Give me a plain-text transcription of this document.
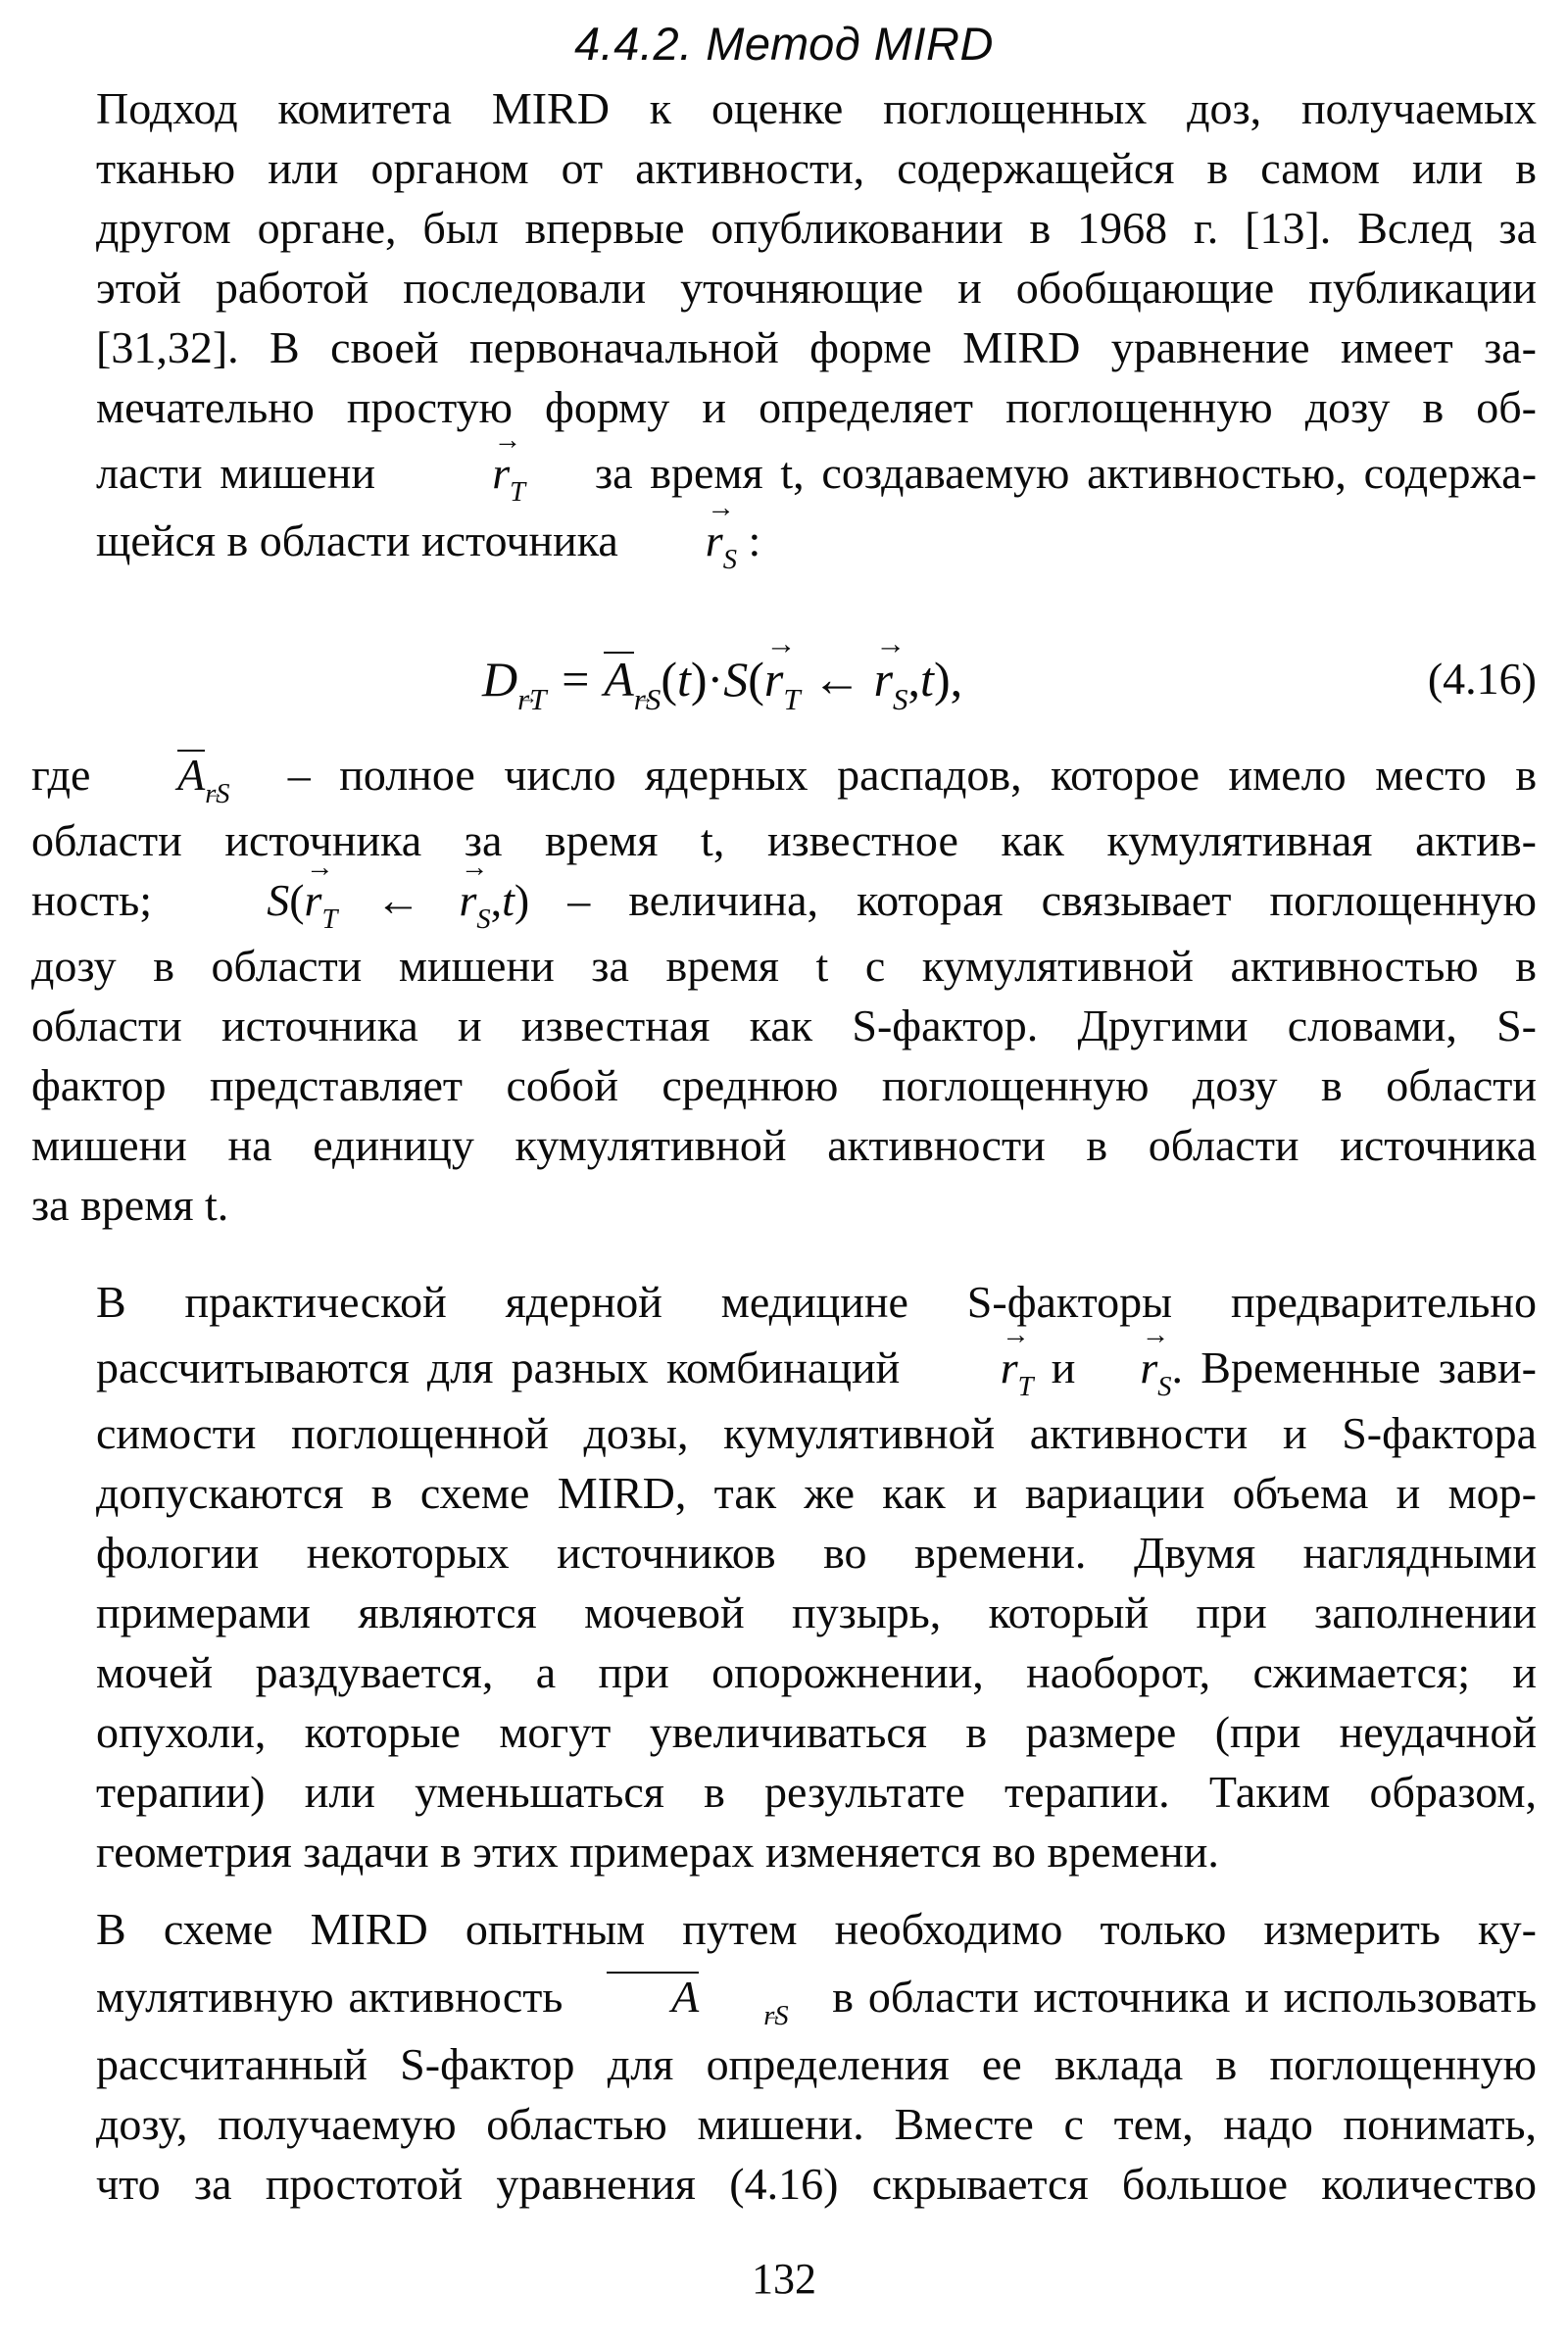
4.4.2. Метод MIRD
Подход комитета MIRD к оценке поглощенных доз, получаемых
тканью или органом от активности, содержащейся в самом или в
другом органе, был впервые опубликовании в 1968 г. [13]. Вслед за
этой работой последовали уточняющие и обобщающие публикации
[31,32]. В своей первоначальной форме MIRD уравнение имеет за-
мечательно простую форму и определяет поглощенную дозу в об-
ласти мишени	→ $r_T$ за время t, создаваемую активностью, содержа-
щейся в области источника → $r_S$ :
$D_{rT} = A_{rS}(t)\cdot S(\to r_T$ ← → $r_S,t$),	(4.16)
где $A_{rS}$ – полное число ядерных распадов, которое имело место в
области источника за время t, известное как кумулятивная актив-
ность;   $S(\to r_T$ ← → $r_S,t$) – величина, которая связывает поглощенную
дозу в области мишени за время t с кумулятивной активностью в
области источника и известная как S-фактор. Другими словами, S-
фактор представляет собой среднюю поглощенную дозу в области
мишени на единицу кумулятивной активности в области источника
за время t.
В практической ядерной медицине S-факторы предварительно
рассчитываются для разных комбинаций → $r_T$ $и \to r_S$. Временные зави-
симости поглощенной дозы, кумулятивной активности и S-фактора
допускаются в схеме MIRD, так же как и вариации объема и мор-
фологии некоторых источников во времени. Двумя наглядными
примерами являются мочевой пузырь, который при заполнении
мочей раздувается, а при опорожнении, наоборот, сжимается; и
опухоли, которые могут увеличиваться в размере (при неудачной
терапии) или уменьшаться в результате терапии. Таким образом,
геометрия задачи в этих примерах изменяется во времени.
В схеме MIRD опытным путем необходимо только измерить ку-
мулятивную активность A $_{rS}$ в области источника и использовать
рассчитанный S-фактор для определения ее вклада в поглощенную
дозу, получаемую областью мишени. Вместе с тем, надо понимать,
что за простотой уравнения (4.16) скрывается большое количество
132
